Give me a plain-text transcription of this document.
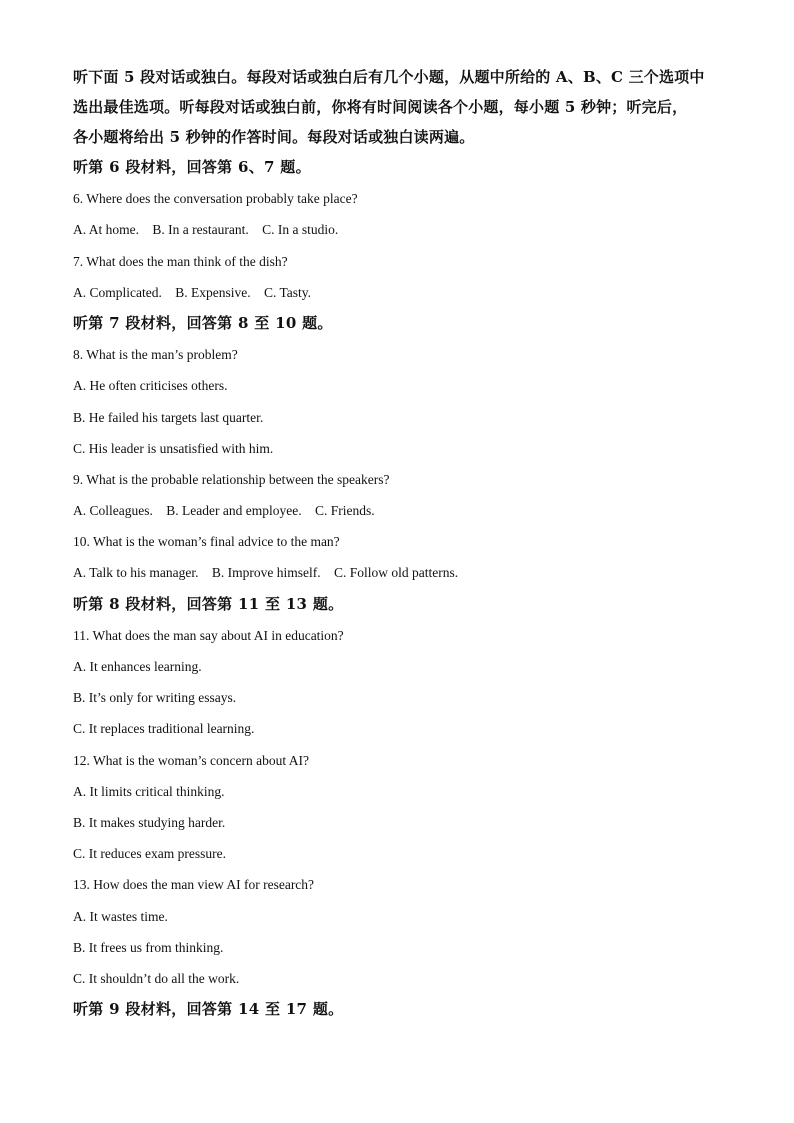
听下面 5 段对话或独白。每段对话或独白后有几个小题，从题中所给的 A、B、C 三个选项中

选出最佳选项。听每段对话或独白前，你将有时间阅读各个小题，每小题 5 秒钟；听完后，

各小题将给出 5 秒钟的作答时间。每段对话或独白读两遍。

听第 6 段材料，回答第 6、7 题。

6. Where does the conversation probably take place?

A. At home. B. In a restaurant. C. In a studio.

7. What does the man think of the dish?

A. Complicated. B. Expensive. C. Tasty.

听第 7 段材料，回答第 8 至 10 题。

8. What is the man’s problem?

A. He often criticises others.

B. He failed his targets last quarter.

C. His leader is unsatisfied with him.

9. What is the probable relationship between the speakers?

A. Colleagues. B. Leader and employee. C. Friends.

10. What is the woman’s final advice to the man?

A. Talk to his manager. B. Improve himself. C. Follow old patterns.

听第 8 段材料，回答第 11 至 13 题。

11. What does the man say about AI in education?

A. It enhances learning.

B. It’s only for writing essays.

C. It replaces traditional learning.

12. What is the woman’s concern about AI?

A. It limits critical thinking.

B. It makes studying harder.

C. It reduces exam pressure.

13. How does the man view AI for research?

A. It wastes time.

B. It frees us from thinking.

C. It shouldn’t do all the work.

听第 9 段材料，回答第 14 至 17 题。
